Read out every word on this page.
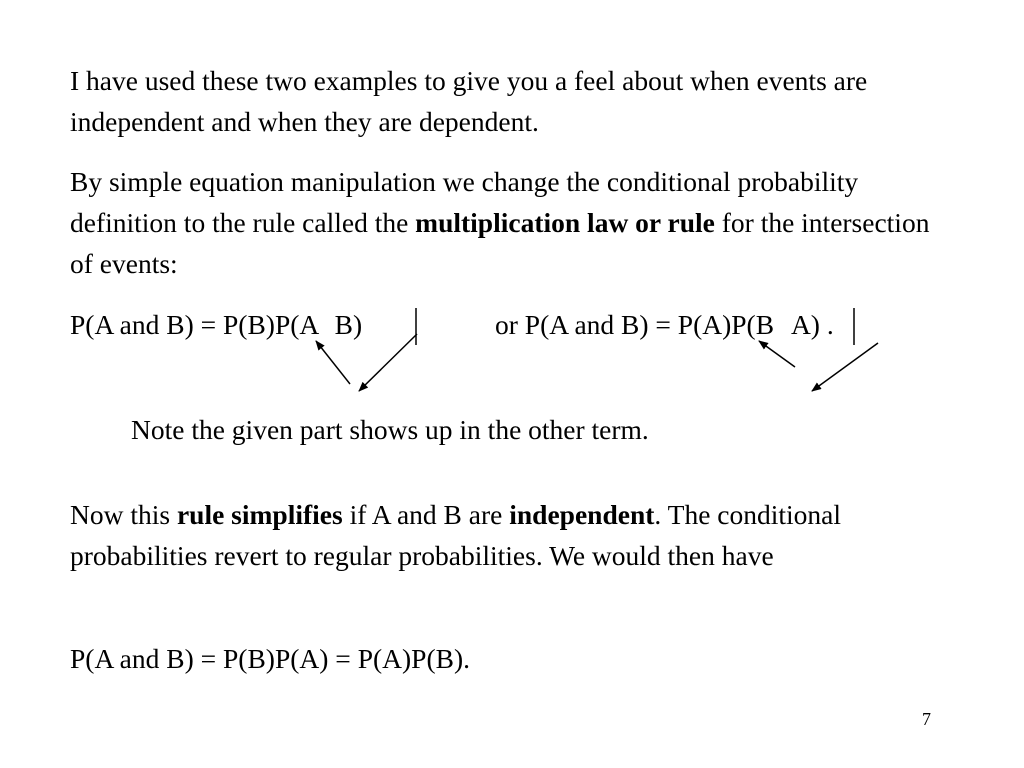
I have used these two examples to give you a feel about when events are independent and when they are dependent.

By simple equation manipulation we change the conditional probability definition to the rule called the multiplication law or rule for the intersection of events:

P(A and B) = P(B)P(A B)	or P(A and B) = P(A)P(B A) .

Note the given part shows up in the other term.

Now this rule simplifies if A and B are independent. The conditional probabilities revert to regular probabilities. We would then have

P(A and B) = P(B)P(A) = P(A)P(B).
7
